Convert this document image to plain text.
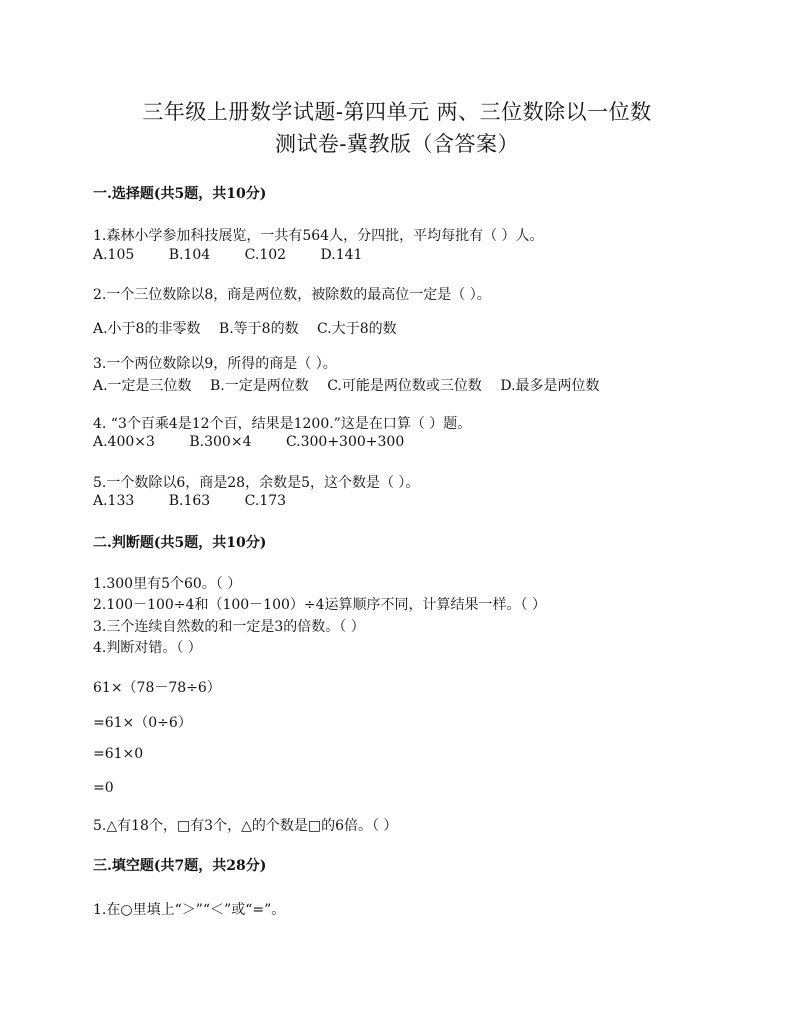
三年级上册数学试题-第四单元 两、三位数除以一位数
测试卷-冀教版（含答案）
一.选择题(共5题，共10分)
1.森林小学参加科技展览，一共有564人，分四批，平均每批有（ ）人。
A.105 B.104 C.102 D.141
2.一个三位数除以8，商是两位数，被除数的最高位一定是（ ）。
A.小于8的非零数 B.等于8的数 C.大于8的数
3.一个两位数除以9，所得的商是（ ）。
A.一定是三位数 B.一定是两位数 C.可能是两位数或三位数 D.最多是两位数
4. “3个百乘4是12个百，结果是1200.”这是在口算（ ）题。
A.400×3 B.300×4 C.300+300+300
5.一个数除以6，商是28，余数是5，这个数是（ ）。
A.133 B.163 C.173
二.判断题(共5题，共10分)
1.300里有5个60。（ ）
2.100－100÷4和（100－100）÷4运算顺序不同，计算结果一样。（ ）
3.三个连续自然数的和一定是3的倍数。（ ）
4.判断对错。（ ）
61×（78－78÷6）
=61×（0÷6）
=61×0
=0
5.△有18个，□有3个，△的个数是□的6倍。（ ）
三.填空题(共7题，共28分)
1.在○里填上“＞”“＜”或“=”。
